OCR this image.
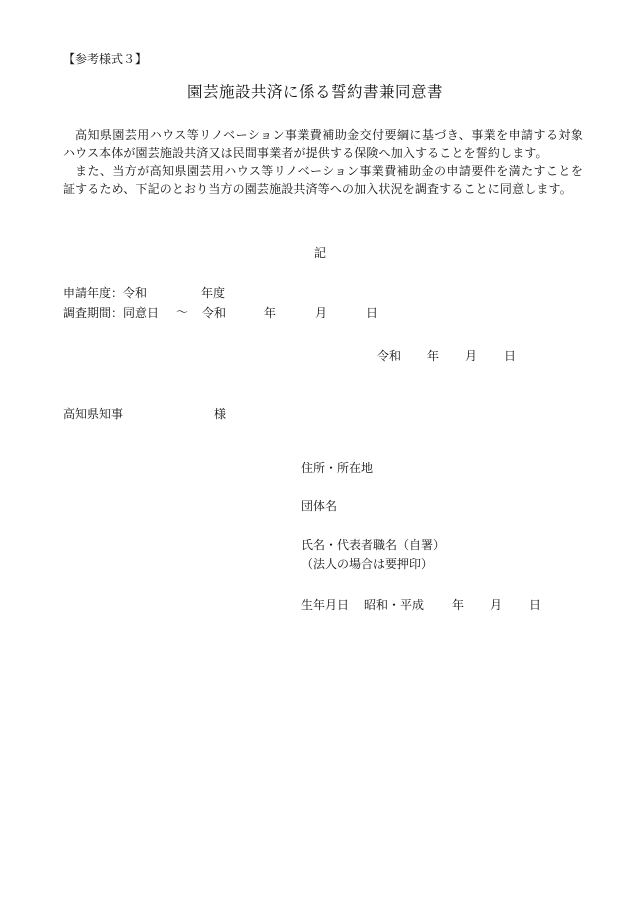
【参考様式３】
園芸施設共済に係る誓約書兼同意書
高知県園芸用ハウス等リノベーション事業費補助金交付要綱に基づき、事業を申請する対象ハウス本体が園芸施設共済又は民間事業者が提供する保険へ加入することを誓約します。
また、当方が高知県園芸用ハウス等リノベーション事業費補助金の申請要件を満たすことを証するため、下記のとおり当方の園芸施設共済等への加入状況を調査することに同意します。
記
申請年度：令和	年度
調査期間：同意日 ～ 令和	年	月	日
令和 年 月 日
高知県知事	様
住所・所在地
団体名
氏名・代表者職名（自署）
（法人の場合は要押印）
生年月日 昭和・平成 年 月 日
